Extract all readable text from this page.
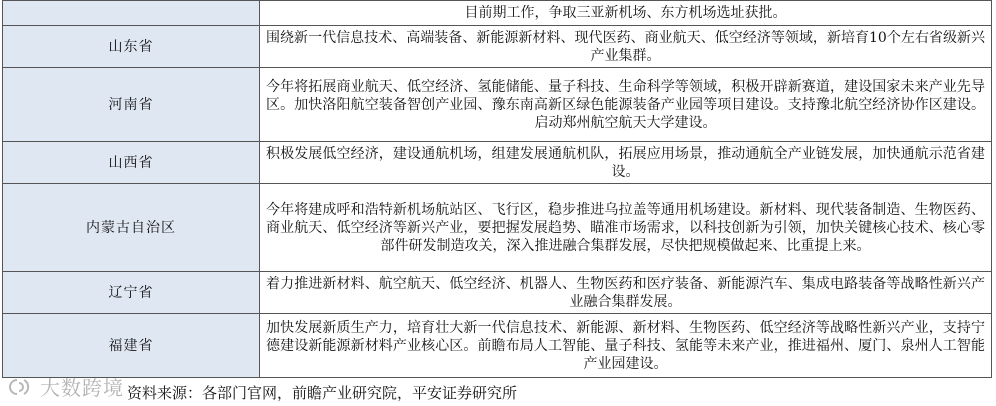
	目前期工作，争取三亚新机场、东方机场选址获批。
山东省	围绕新一代信息技术、高端装备、新能源新材料、现代医药、商业航天、低空经济等领域，新培育10个左右省级新兴产业集群。
河南省	今年将拓展商业航天、低空经济、氢能储能、量子科技、生命科学等领域，积极开辟新赛道，建设国家未来产业先导区。加快洛阳航空装备智创产业园、豫东南高新区绿色能源装备产业园等项目建设。支持豫北航空经济协作区建设。启动郑州航空航天大学建设。
山西省	积极发展低空经济，建设通航机场，组建发展通航机队，拓展应用场景，推动通航全产业链发展，加快通航示范省建设。
内蒙古自治区	今年将建成呼和浩特新机场航站区、飞行区，稳步推进乌拉盖等通用机场建设。新材料、现代装备制造、生物医药、商业航天、低空经济等新兴产业，要把握发展趋势、瞄准市场需求，以科技创新为引领，加快关键核心技术、核心零部件研发制造攻关，深入推进融合集群发展，尽快把规模做起来、比重提上来。
辽宁省	着力推进新材料、航空航天、低空经济、机器人、生物医药和医疗装备、新能源汽车、集成电路装备等战略性新兴产业融合集群发展。
福建省	加快发展新质生产力，培育壮大新一代信息技术、新能源、新材料、生物医药、低空经济等战略性新兴产业，支持宁德建设新能源新材料产业核心区。前瞻布局人工智能、量子科技、氢能等未来产业，推进福州、厦门、泉州人工智能产业园建设。
资料来源：各部门官网，前瞻产业研究院，平安证券研究所
大数跨境
